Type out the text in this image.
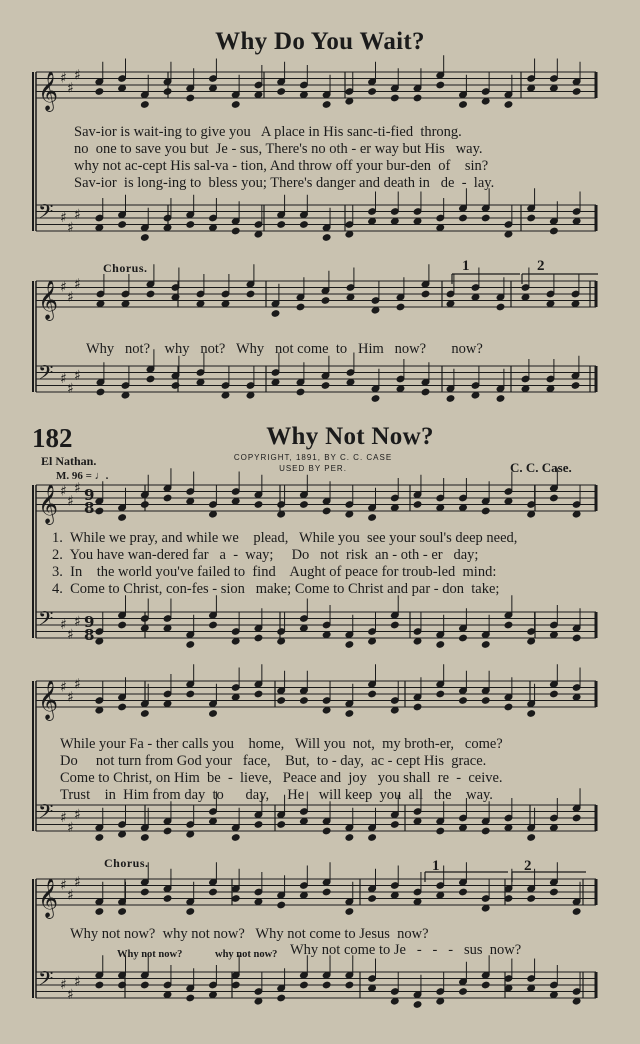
Why Do You Wait?
𝄞
𝄢
♯
♯
♯
♯
♯
♯
𝄞
𝄢
♯
♯
♯
♯
♯
♯
𝄞
𝄢
♯
♯
♯
♯
♯
♯
𝄞
𝄢
♯
♯
♯
♯
♯
♯
𝄞
𝄢
♯
♯
♯
♯
♯
♯
9
8
9
8
Sav-ior is wait-ing to give you   A place in His sanc-ti-fied  throng.
no  one to save you but  Je - sus, There's no oth - er way but His   way.
why not ac-cept His sal-va - tion, And throw off your bur-den  of    sin?
Sav-ior  is long-ing to  bless you; There's danger and death in   de  -  lay.
Chorus.	1	2
Why   not?    why   not?   Why   not come  to   Him   now?       now?
182	Why Not Now?
El Nathan.	COPYRIGHT, 1891, BY C. C. CASE
USED BY PER.	C. C. Case.
M. 96 = ♩.
1.  While we pray, and while we    plead,   While you  see your soul's deep need,
2.  You have wan-dered far   a  -  way;     Do   not  risk  an - oth - er   day;
3.  In    the world you've failed to  find    Aught of peace for troub-led  mind:
4.  Come to Christ, con-fes - sion   make; Come to Christ and par - don  take;
While your Fa - ther calls you    home,   Will you  not,  my broth-er,   come?
Do     not turn from God your   face,    But,  to - day,  ac - cept His  grace.
Come to Christ, on Him  be  -  lieve,   Peace and  joy   you shall  re  -  ceive.
Trust    in  Him from day  to      day,     He    will keep  you  all   the    way.
Chorus.	1	2
Why not now?  why not now?   Why not come to Jesus  now?
Why not now?	why not now? Why not come to Je   -   -   -   sus  now?
